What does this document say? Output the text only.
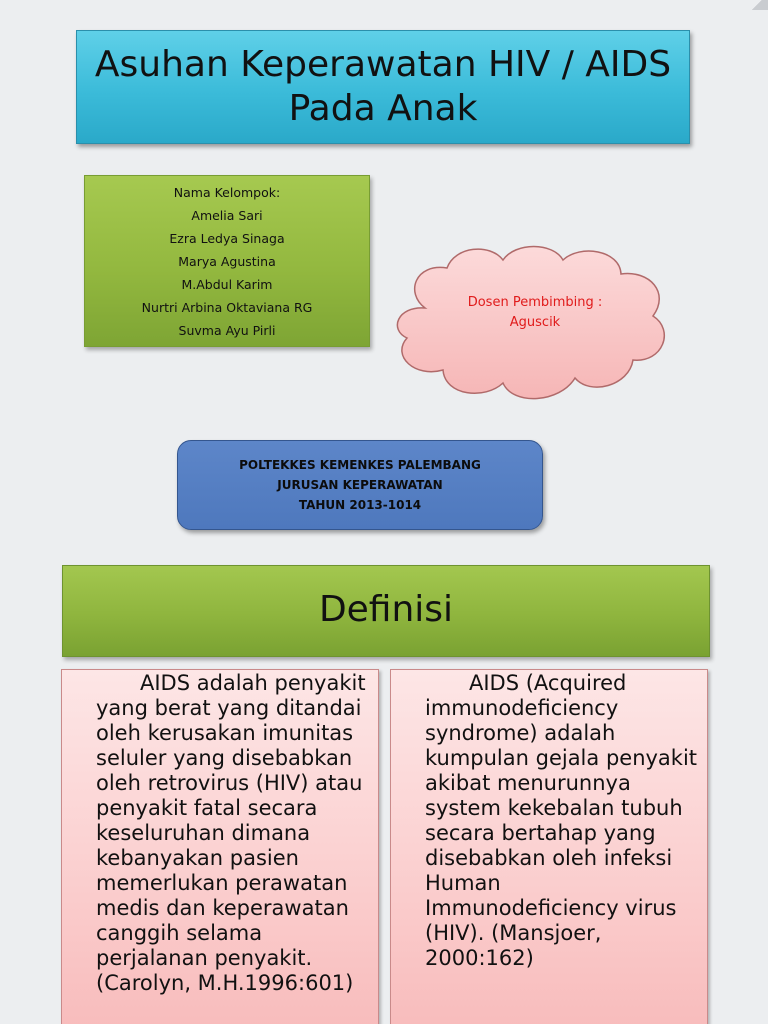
Asuhan Keperawatan HIV / AIDS
Pada Anak
Nama Kelompok:
Amelia Sari
Ezra Ledya Sinaga
Marya Agustina
M.Abdul Karim
Nurtri Arbina Oktaviana RG
Suvma Ayu Pirli
Dosen Pembimbing :
Aguscik
POLTEKKES KEMENKES PALEMBANG
JURUSAN KEPERAWATAN
TAHUN 2013-1014
Definisi
AIDS adalah penyakit
yang berat yang ditandai
oleh kerusakan imunitas
seluler yang disebabkan
oleh retrovirus (HIV) atau
penyakit fatal secara
keseluruhan dimana
kebanyakan pasien
memerlukan perawatan
medis dan keperawatan
canggih selama
perjalanan penyakit.
(Carolyn, M.H.1996:601)
AIDS (Acquired
immunodeficiency
syndrome) adalah
kumpulan gejala penyakit
akibat menurunnya
system kekebalan tubuh
secara bertahap yang
disebabkan oleh infeksi
Human
Immunodeficiency virus
(HIV). (Mansjoer,
2000:162)
